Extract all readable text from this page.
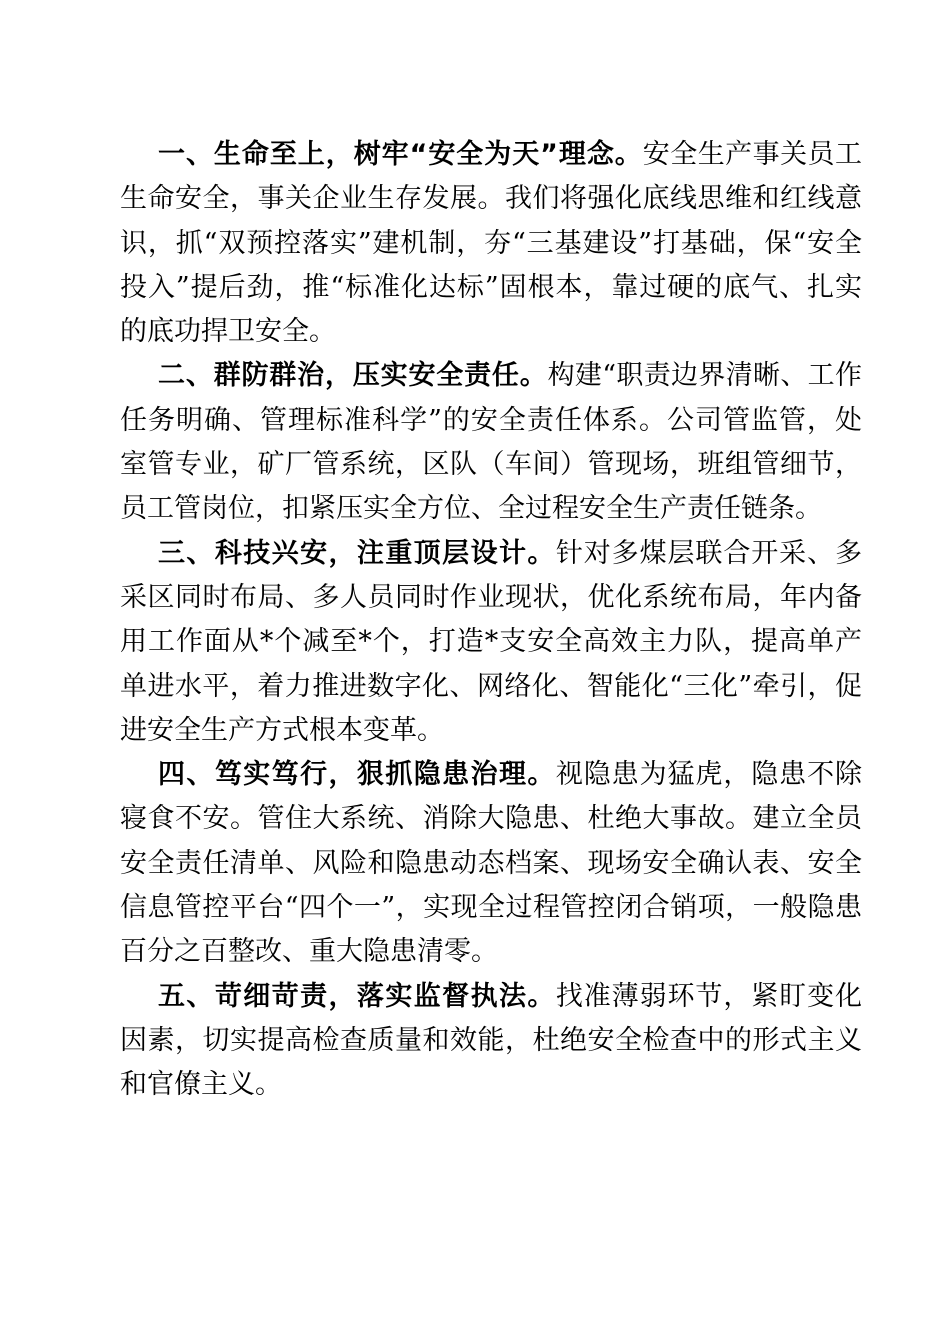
一、生命至上，树牢“安全为天”理念。安全生产事关员工生命安全，事关企业生存发展。我们将强化底线思维和红线意识，抓“双预控落实”建机制，夯“三基建设”打基础，保“安全投入”提后劲，推“标准化达标”固根本，靠过硬的底气、扎实的底功捍卫安全。

二、群防群治，压实安全责任。构建“职责边界清晰、工作任务明确、管理标准科学”的安全责任体系。公司管监管，处室管专业，矿厂管系统，区队（车间）管现场，班组管细节，员工管岗位，扣紧压实全方位、全过程安全生产责任链条。

三、科技兴安，注重顶层设计。针对多煤层联合开采、多采区同时布局、多人员同时作业现状，优化系统布局，年内备用工作面从*个减至*个，打造*支安全高效主力队，提高单产单进水平，着力推进数字化、网络化、智能化“三化”牵引，促进安全生产方式根本变革。

四、笃实笃行，狠抓隐患治理。视隐患为猛虎，隐患不除寝食不安。管住大系统、消除大隐患、杜绝大事故。建立全员安全责任清单、风险和隐患动态档案、现场安全确认表、安全信息管控平台“四个一”，实现全过程管控闭合销项，一般隐患百分之百整改、重大隐患清零。

五、苛细苛责，落实监督执法。找准薄弱环节，紧盯变化因素，切实提高检查质量和效能，杜绝安全检查中的形式主义和官僚主义。
